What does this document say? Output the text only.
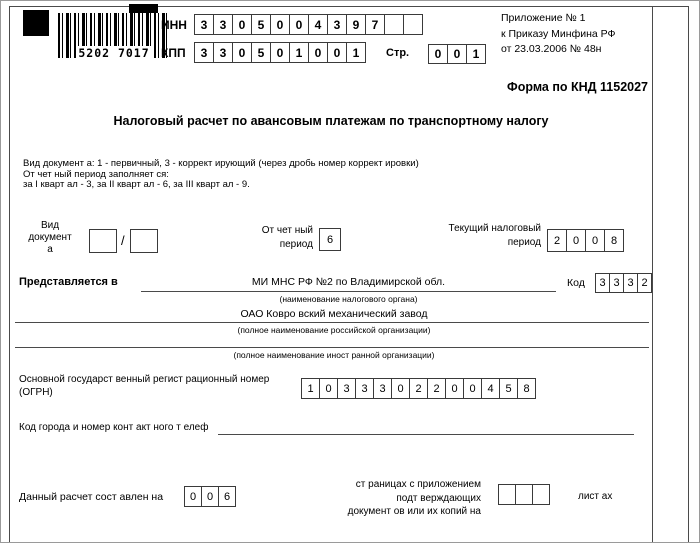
5202 7017
ИНН	3	3	0	5	0	0	4	3	9	7
КПП	3	3	0	5	0	1	0	0	1	Стр.	0	0	1
Приложение № 1
к Приказу Минфина РФ
от 23.03.2006 № 48н
Форма по КНД 1152027
Налоговый расчет по авансовым платежам по транспортному налогу
Вид документ а: 1 - первичный, 3 - коррект ирующий (через дробь номер коррект ировки)
От чет ный период заполняет ся:
за I кварт ал - 3, за II кварт ал - 6, за III кварт ал - 9.
Вид
документ
а
/
От чет ный
период	6
Текущий налоговый
период	2	0	0	8
Представляется в	МИ МНС РФ №2 по Владимирской обл.
(наименование налогового органа)
Код	3 3 3 2
ОАО Ковро вский механический завод
(полное наименование российской организации)
(полное наименование иност ранной организации)
Основной государст венный регист рационный номер
(ОГРН)	1	0	3	3	3	0	2	2	0	0	4	5	8
Код города и номер конт акт ного т елеф
Данный расчет сост авлен на	0 0 6
ст раницах с приложением
подт верждающих
документ ов или их копий на
лист ах
